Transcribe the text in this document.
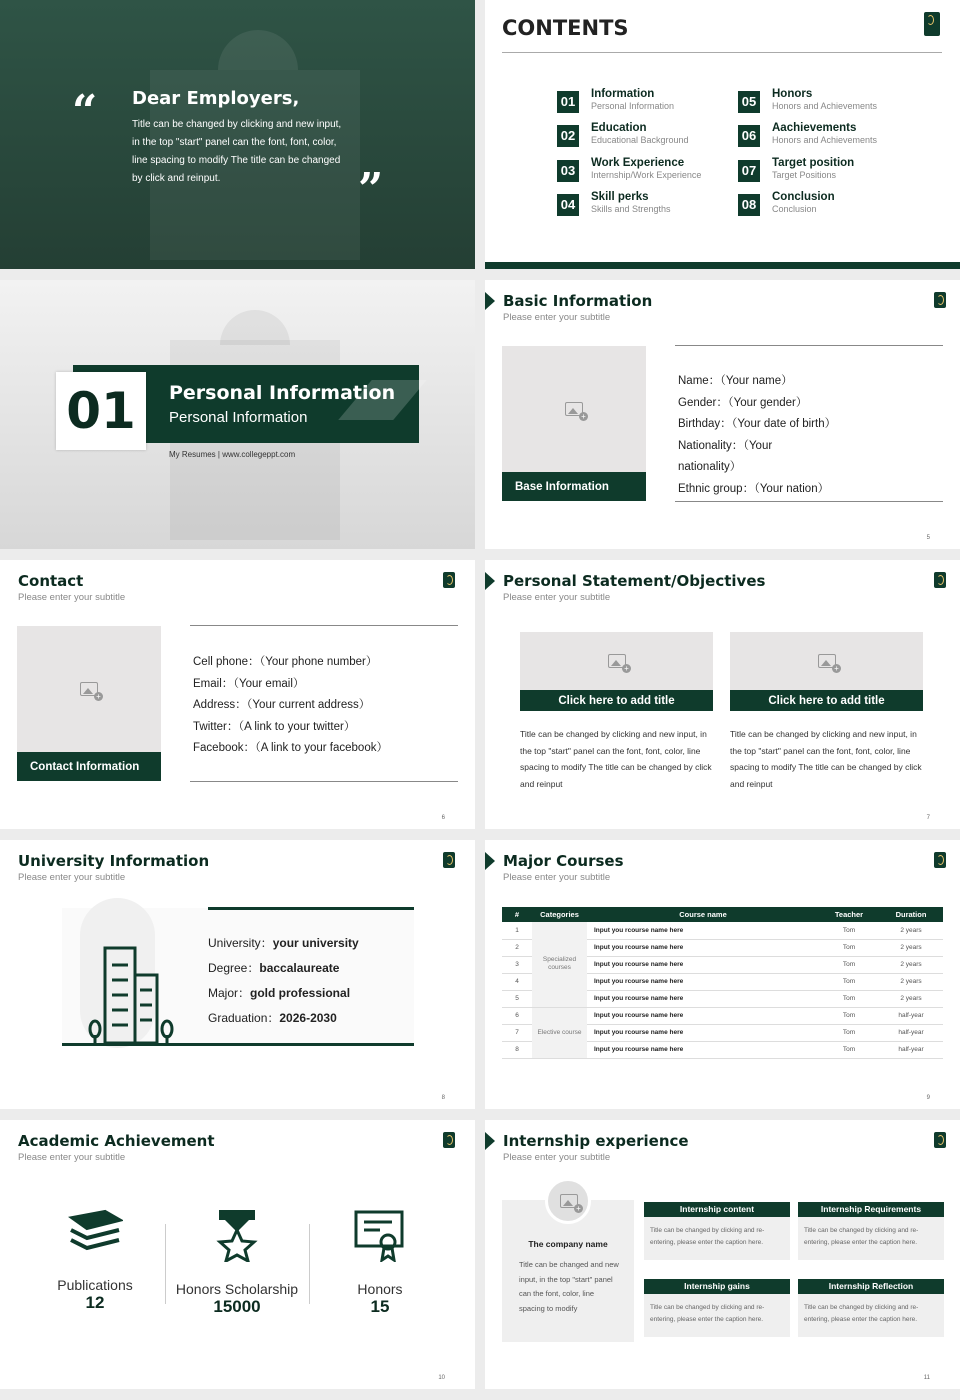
“
”
Dear Employers,
Title can be changed by clicking and new input, in the top "start" panel can the font, font, color, line spacing to modify The title can be changed by click and reinput.
CONTENTS
01	Information
Personal Information
02	Education
Educational Background
03	Work Experience
Internship/Work Experience
04	Skill perks
Skills and Strengths
05	Honors
Honors and Achievements
06	Aachievements
Honors and Achievements
07	Target position
Target Positions
08	Conclusion
Conclusion
01	Personal Information
Personal Information
My Resumes | www.collegeppt.com
Basic Information
Please enter your subtitle
+
Base Information
Name：（Your name）
Gender：（Your gender）
Birthday：（Your date of birth）
Nationality：（Your
nationality）
Ethnic group：（Your nation）
5
Contact
Please enter your subtitle
+
Contact Information
Cell phone：（Your phone number）
Email：（Your email）
Address：（Your current address）
Twitter：（A link to your twitter）
Facebook：（A link to your facebook）
6
Personal Statement/Objectives
Please enter your subtitle
+
Click here to add title
Title can be changed by clicking and new input, in the top "start" panel can the font, font, color, line spacing to modify The title can be changed by click and reinput
+
Click here to add title
Title can be changed by clicking and new input, in the top "start" panel can the font, font, color, line spacing to modify The title can be changed by click and reinput
7
University Information
Please enter your subtitle
University：your university
Degree：baccalaureate
Major：gold professional
Graduation：2026-2030
8
Major Courses
Please enter your subtitle
#	Categories	Course name	Teacher	Duration
1	Specialized courses	Input you rcourse name here	Tom	2 years
2		Input you rcourse name here	Tom	2 years
3		Input you rcourse name here	Tom	2 years
4		Input you rcourse name here	Tom	2 years
5		Input you rcourse name here	Tom	2 years
6	Elective course	Input you rcourse name here	Tom	half-year
7		Input you rcourse name here	Tom	half-year
8		Input you rcourse name here	Tom	half-year
9
Academic Achievement
Please enter your subtitle
Publications
12
Honors Scholarship
15000
Honors
15
10
Internship experience
Please enter your subtitle
+
The company name
Title can be changed and new input, in the top "start" panel can the font, color, line spacing to modify
Internship content
Title can be changed by clicking and re-entering, please enter the caption here.
Internship Requirements
Title can be changed by clicking and re-entering, please enter the caption here.
Internship gains
Title can be changed by clicking and re-entering, please enter the caption here.
Internship Reflection
Title can be changed by clicking and re-entering, please enter the caption here.
11
